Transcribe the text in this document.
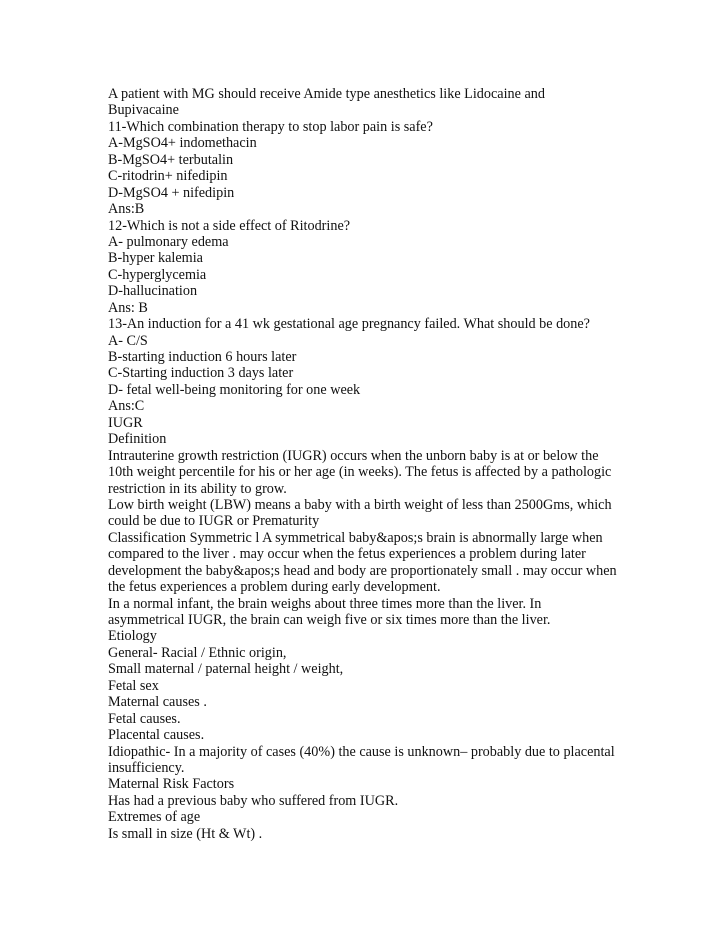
A patient with MG should receive Amide type anesthetics like Lidocaine and
Bupivacaine
11-Which combination therapy to stop labor pain is safe?
A-MgSO4+ indomethacin
B-MgSO4+ terbutalin
C-ritodrin+ nifedipin
D-MgSO4 + nifedipin
Ans:B
12-Which is not a side effect of Ritodrine?
A- pulmonary edema
B-hyper kalemia
C-hyperglycemia
D-hallucination
Ans: B
13-An induction for a 41 wk gestational age pregnancy failed. What should be done?
A- C/S
B-starting induction 6 hours later
C-Starting induction 3 days later
D- fetal well-being monitoring for one week
Ans:C
IUGR
Definition
Intrauterine growth restriction (IUGR) occurs when the unborn baby is at or below the
10th weight percentile for his or her age (in weeks). The fetus is affected by a pathologic
restriction in its ability to grow.
Low birth weight (LBW) means a baby with a birth weight of less than 2500Gms, which
could be due to IUGR or Prematurity
Classification Symmetric l A symmetrical baby&apos;s brain is abnormally large when
compared to the liver . may occur when the fetus experiences a problem during later
development the baby&apos;s head and body are proportionately small . may occur when
the fetus experiences a problem during early development.
In a normal infant, the brain weighs about three times more than the liver. In
asymmetrical IUGR, the brain can weigh five or six times more than the liver.
Etiology
General- Racial / Ethnic origin,
Small maternal / paternal height / weight,
Fetal sex
Maternal causes .
Fetal causes.
Placental causes.
Idiopathic- In a majority of cases (40%) the cause is unknown– probably due to placental
insufficiency.
Maternal Risk Factors
Has had a previous baby who suffered from IUGR.
Extremes of age
Is small in size (Ht & Wt) .
